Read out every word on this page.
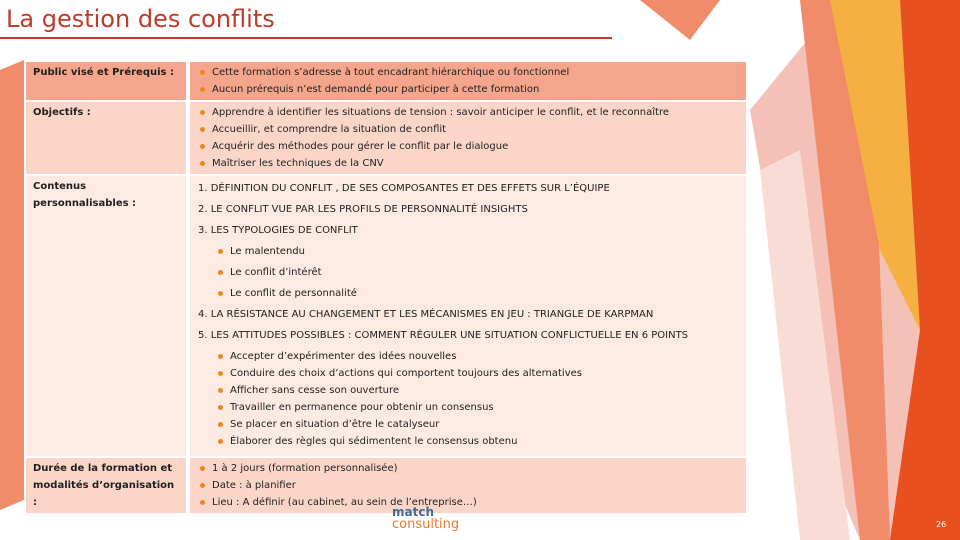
La gestion des conflits
Public visé et Prérequis :	Cette formation s’adresse à tout encadrant hiérarchique ou fonctionnel
Aucun prérequis n’est demandé pour participer à cette formation
Objectifs :	Apprendre à identifier les situations de tension : savoir anticiper le conflit, et le reconnaître
Accueillir, et comprendre la situation de conflit
Acquérir des méthodes pour gérer le conflit par le dialogue
Maîtriser les techniques de la CNV
Contenus personnalisables :
1. DÉFINITION DU CONFLIT , DE SES COMPOSANTES ET DES EFFETS SUR L’ÉQUIPE
2. LE CONFLIT VUE PAR LES PROFILS DE PERSONNALITÉ INSIGHTS
3. LES TYPOLOGIES DE CONFLIT
Le malentendu
Le conflit d’intérêt
Le conflit de personnalité
4. LA RÉSISTANCE AU CHANGEMENT ET LES MÉCANISMES EN JEU : TRIANGLE DE KARPMAN
5. LES ATTITUDES POSSIBLES : COMMENT RÉGULER UNE SITUATION CONFLICTUELLE EN 6 POINTS
Accepter d’expérimenter des idées nouvelles
Conduire des choix d’actions qui comportent toujours des alternatives
Afficher sans cesse son ouverture
Travailler en permanence pour obtenir un consensus
Se placer en situation d’être le catalyseur
Élaborer des règles qui sédimentent le consensus obtenu
Durée de la formation et modalités d’organisation :
1 à 2 jours (formation personnalisée)
Date : à planifier
Lieu : A définir (au cabinet, au sein de l’entreprise…)
match
consulting	26
